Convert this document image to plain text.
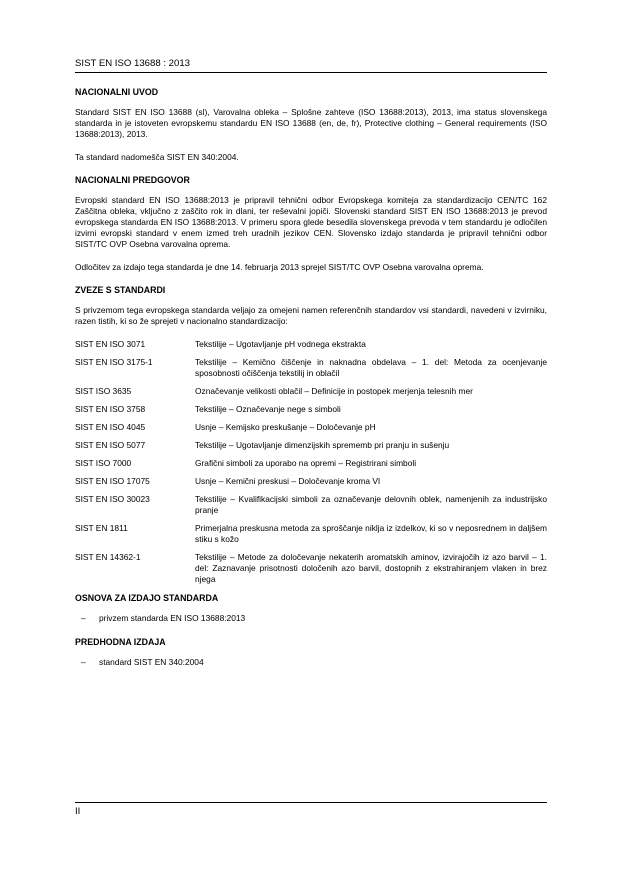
SIST EN ISO 13688 : 2013
NACIONALNI UVOD

Standard SIST EN ISO 13688 (sl), Varovalna obleka – Splošne zahteve (ISO 13688:2013), 2013, ima status slovenskega standarda in je istoveten evropskemu standardu EN ISO 13688 (en, de, fr), Protective clothing – General requirements (ISO 13688:2013), 2013.

Ta standard nadomešča SIST EN 340:2004.

NACIONALNI PREDGOVOR

Evropski standard EN ISO 13688:2013 je pripravil tehnični odbor Evropskega komiteja za standardizacijo CEN/TC 162 Zaščitna obleka, vključno z zaščito rok in dlani, ter reševalni jopiči. Slovenski standard SIST EN ISO 13688:2013 je prevod evropskega standarda EN ISO 13688:2013. V primeru spora glede besedila slovenskega prevoda v tem standardu je odločilen izvirni evropski standard v enem izmed treh uradnih jezikov CEN. Slovensko izdajo standarda je pripravil tehnični odbor SIST/TC OVP Osebna varovalna oprema.

Odločitev za izdajo tega standarda je dne 14. februarja 2013 sprejel SIST/TC OVP Osebna varovalna oprema.

ZVEZE S STANDARDI

S privzemom tega evropskega standarda veljajo za omejeni namen referenčnih standardov vsi standardi, navedeni v izvirniku, razen tistih, ki so že sprejeti v nacionalno standardizacijo:

SIST EN ISO 3071	Tekstilije – Ugotavljanje pH vodnega ekstrakta
SIST EN ISO 3175-1	Tekstilije – Kemično čiščenje in naknadna obdelava – 1. del: Metoda za ocenjevanje sposobnosti očiščenja tekstilij in oblačil
SIST ISO 3635	Označevanje velikosti oblačil – Definicije in postopek merjenja telesnih mer
SIST EN ISO 3758	Tekstilije – Označevanje nege s simboli
SIST EN ISO 4045	Usnje – Kemijsko preskušanje – Določevanje pH
SIST EN ISO 5077	Tekstilije – Ugotavljanje dimenzijskih sprememb pri pranju in sušenju
SIST ISO 7000	Grafični simboli za uporabo na opremi – Registrirani simboli
SIST EN ISO 17075	Usnje – Kemični preskusi – Določevanje kroma VI
SIST EN ISO 30023	Tekstilije – Kvalifikacijski simboli za označevanje delovnih oblek, namenjenih za industrijsko pranje
SIST EN 1811	Primerjalna preskusna metoda za sproščanje niklja iz izdelkov, ki so v neposrednem in daljšem stiku s kožo
SIST EN 14362-1	Tekstilije – Metode za določevanje nekaterih aromatskih aminov, izvirajočih iz azo barvil – 1. del: Zaznavanje prisotnosti določenih azo barvil, dostopnih z ekstrahiranjem vlaken in brez njega
OSNOVA ZA IZDAJO STANDARDA
–	privzem standarda EN ISO 13688:2013
PREDHODNA IZDAJA
–	standard SIST EN 340:2004
II
